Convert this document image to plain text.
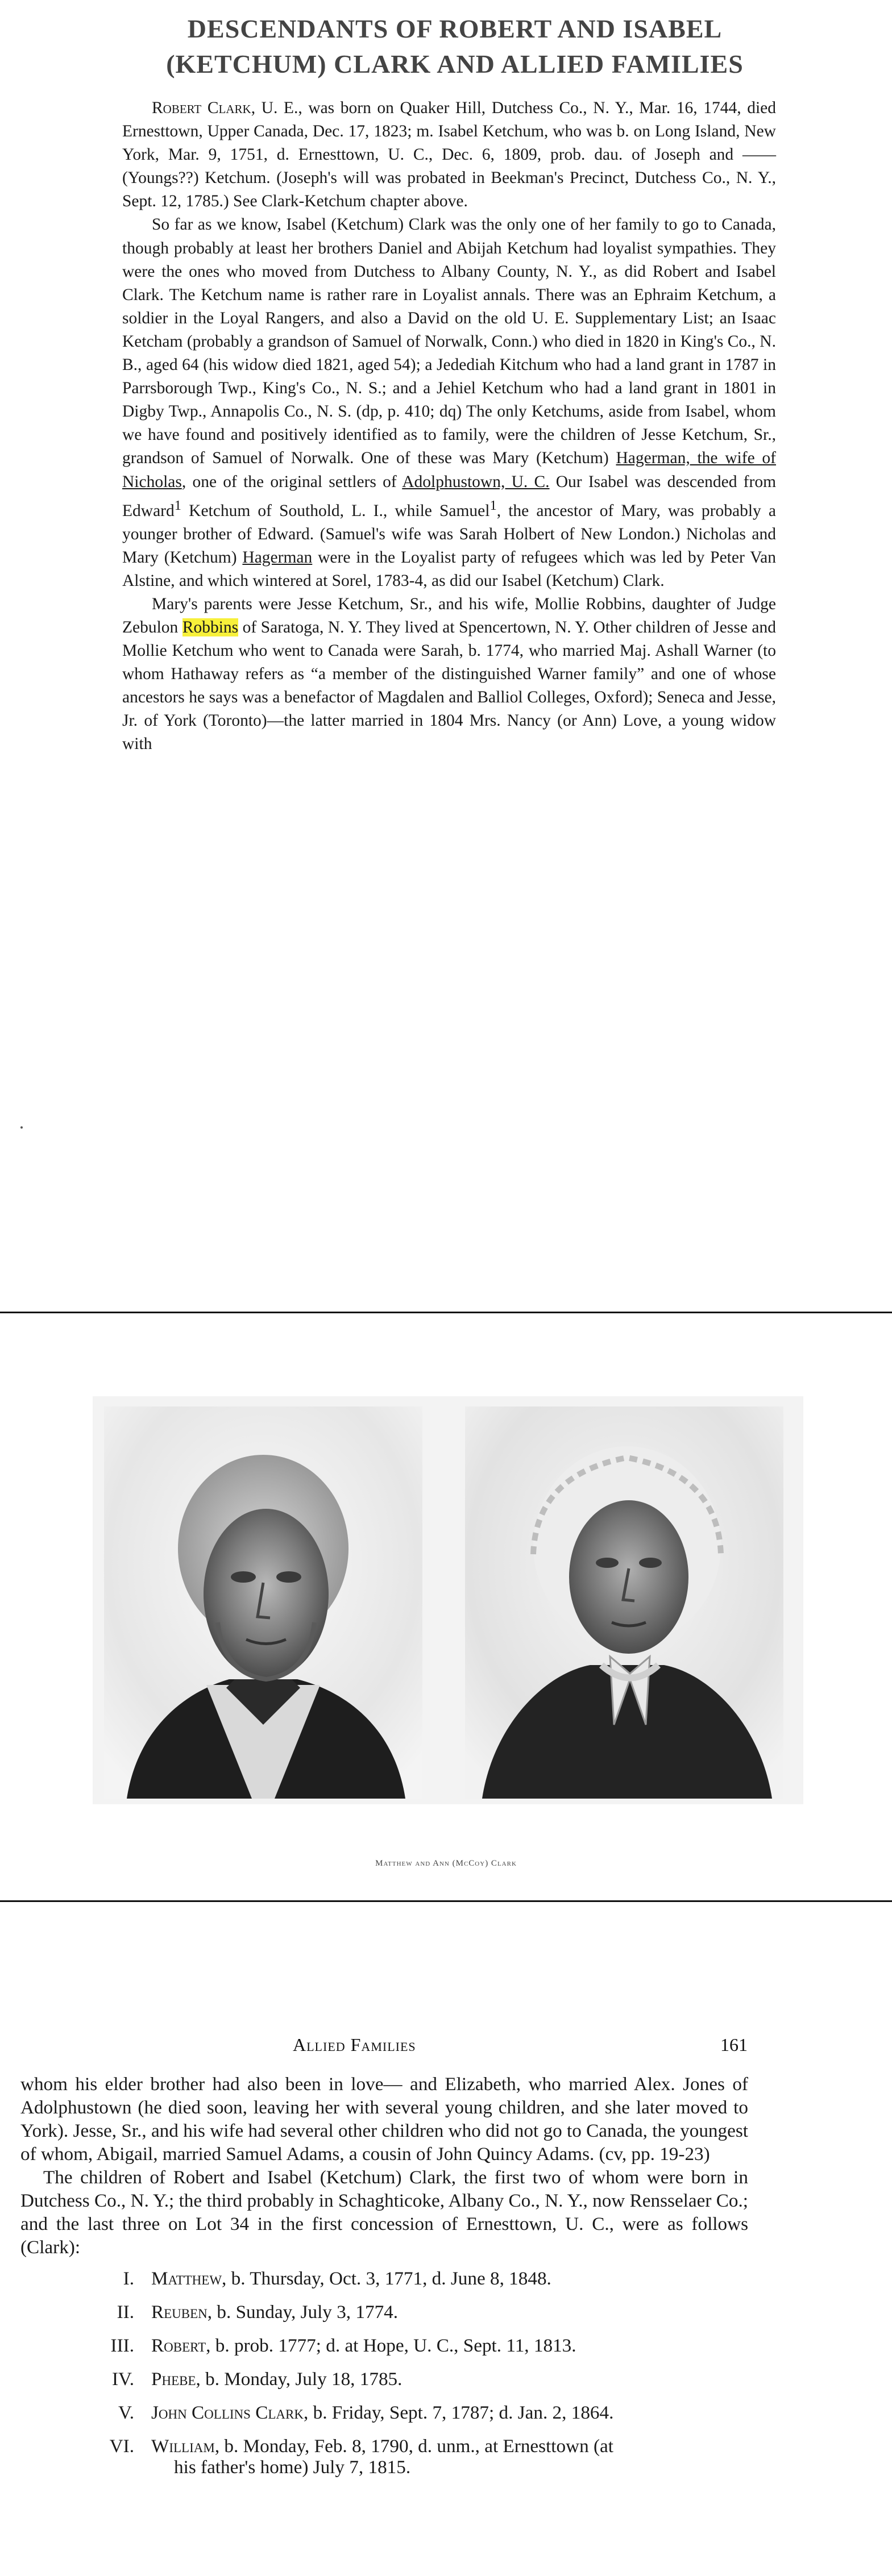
DESCENDANTS OF ROBERT AND ISABEL
(KETCHUM) CLARK AND ALLIED FAMILIES

Robert Clark, U. E., was born on Quaker Hill, Dutchess Co., N. Y., Mar. 16, 1744, died Ernesttown, Upper Canada, Dec. 17, 1823; m. Isabel Ketchum, who was b. on Long Island, New York, Mar. 9, 1751, d. Ernesttown, U. C., Dec. 6, 1809, prob. dau. of Joseph and —— (Youngs??) Ketchum. (Joseph's will was probated in Beekman's Precinct, Dutchess Co., N. Y., Sept. 12, 1785.) See Clark-Ketchum chapter above.

So far as we know, Isabel (Ketchum) Clark was the only one of her family to go to Canada, though probably at least her brothers Daniel and Abijah Ketchum had loyalist sympathies. They were the ones who moved from Dutchess to Albany County, N. Y., as did Robert and Isabel Clark. The Ketchum name is rather rare in Loyalist annals. There was an Ephraim Ketchum, a soldier in the Loyal Rangers, and also a David on the old U. E. Supplementary List; an Isaac Ketcham (probably a grandson of Samuel of Norwalk, Conn.) who died in 1820 in King's Co., N. B., aged 64 (his widow died 1821, aged 54); a Jedediah Kitchum who had a land grant in 1787 in Parrsborough Twp., King's Co., N. S.; and a Jehiel Ketchum who had a land grant in 1801 in Digby Twp., Annapolis Co., N. S. (dp, p. 410; dq) The only Ketchums, aside from Isabel, whom we have found and positively identified as to family, were the children of Jesse Ketchum, Sr., grandson of Samuel of Norwalk. One of these was Mary (Ketchum) Hagerman, the wife of Nicholas, one of the original settlers of Adolphustown, U. C. Our Isabel was descended from Edward$^1$ Ketchum of Southold, L. I., while Samuel$^1$, the ancestor of Mary, was probably a younger brother of Edward. (Samuel's wife was Sarah Holbert of New London.) Nicholas and Mary (Ketchum) Hagerman were in the Loyalist party of refugees which was led by Peter Van Alstine, and which wintered at Sorel, 1783-4, as did our Isabel (Ketchum) Clark.

Mary's parents were Jesse Ketchum, Sr., and his wife, Mollie Robbins, daughter of Judge Zebulon Robbins of Saratoga, N. Y. They lived at Spencertown, N. Y. Other children of Jesse and Mollie Ketchum who went to Canada were Sarah, b. 1774, who married Maj. Ashall Warner (to whom Hathaway refers as “a member of the distinguished Warner family” and one of whose ancestors he says was a benefactor of Magdalen and Balliol Colleges, Oxford); Seneca and Jesse, Jr. of York (Toronto)—the latter married in 1804 Mrs. Nancy (or Ann) Love, a young widow with

Matthew and Ann (McCoy) Clark
Allied Families	161

whom his elder brother had also been in love— and Elizabeth, who married Alex. Jones of Adolphustown (he died soon, leaving her with several young children, and she later moved to York). Jesse, Sr., and his wife had several other children who did not go to Canada, the youngest of whom, Abigail, married Samuel Adams, a cousin of John Quincy Adams. (cv, pp. 19-23)

The children of Robert and Isabel (Ketchum) Clark, the first two of whom were born in Dutchess Co., N. Y.; the third probably in Schaghticoke, Albany Co., N. Y., now Rensselaer Co.; and the last three on Lot 34 in the first concession of Ernesttown, U. C., were as follows (Clark):

I. Matthew, b. Thursday, Oct. 3, 1771, d. June 8, 1848.
II. Reuben, b. Sunday, July 3, 1774.
III. Robert, b. prob. 1777; d. at Hope, U. C., Sept. 11, 1813.
IV. Phebe, b. Monday, July 18, 1785.
V. John Collins Clark, b. Friday, Sept. 7, 1787; d. Jan. 2, 1864.
VI. William, b. Monday, Feb. 8, 1790, d. unm., at Ernesttown (at
his father's home) July 7, 1815.
